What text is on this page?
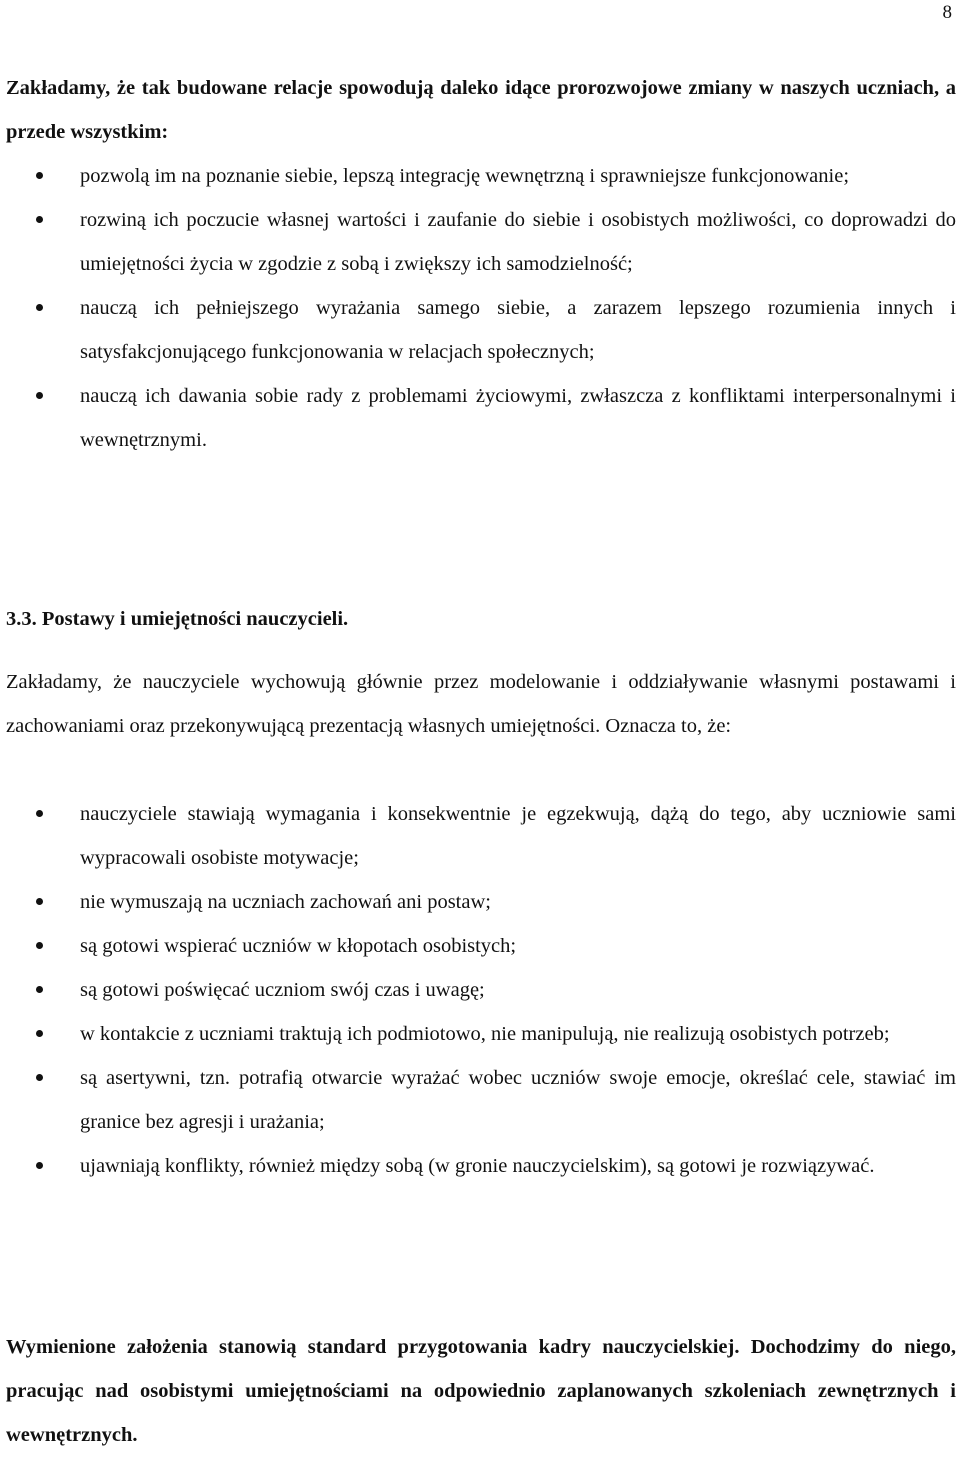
8

Zakładamy, że tak budowane relacje spowodują daleko idące prorozwojowe zmiany w naszych uczniach, a przede wszystkim:

pozwolą im na poznanie siebie, lepszą integrację wewnętrzną i sprawniejsze funkcjonowanie;
rozwiną ich poczucie własnej wartości i zaufanie do siebie i osobistych możliwości, co doprowadzi do umiejętności życia w zgodzie z sobą i zwiększy ich samodzielność;
nauczą ich pełniejszego wyrażania samego siebie, a zarazem lepszego rozumienia innych i satysfakcjonującego funkcjonowania w relacjach społecznych;
nauczą ich dawania sobie rady z problemami życiowymi, zwłaszcza z konfliktami interpersonalnymi i wewnętrznymi.
3.3. Postawy i umiejętności nauczycieli.

Zakładamy, że nauczyciele wychowują głównie przez modelowanie i oddziaływanie własnymi postawami i zachowaniami oraz przekonywującą prezentacją własnych umiejętności. Oznacza to, że:

nauczyciele stawiają wymagania i konsekwentnie je egzekwują, dążą do tego, aby uczniowie sami wypracowali osobiste motywacje;
nie wymuszają na uczniach zachowań ani postaw;
są gotowi wspierać uczniów w kłopotach osobistych;
są gotowi poświęcać uczniom swój czas i uwagę;
w kontakcie z uczniami traktują ich podmiotowo, nie manipulują, nie realizują osobistych potrzeb;
są asertywni, tzn. potrafią otwarcie wyrażać wobec uczniów swoje emocje, określać cele, stawiać im granice bez agresji i urażania;
ujawniają konflikty, również między sobą (w gronie nauczycielskim), są gotowi je rozwiązywać.

Wymienione założenia stanowią standard przygotowania kadry nauczycielskiej. Dochodzimy do niego, pracując nad osobistymi umiejętnościami na odpowiednio zaplanowanych szkoleniach zewnętrznych i wewnętrznych.
